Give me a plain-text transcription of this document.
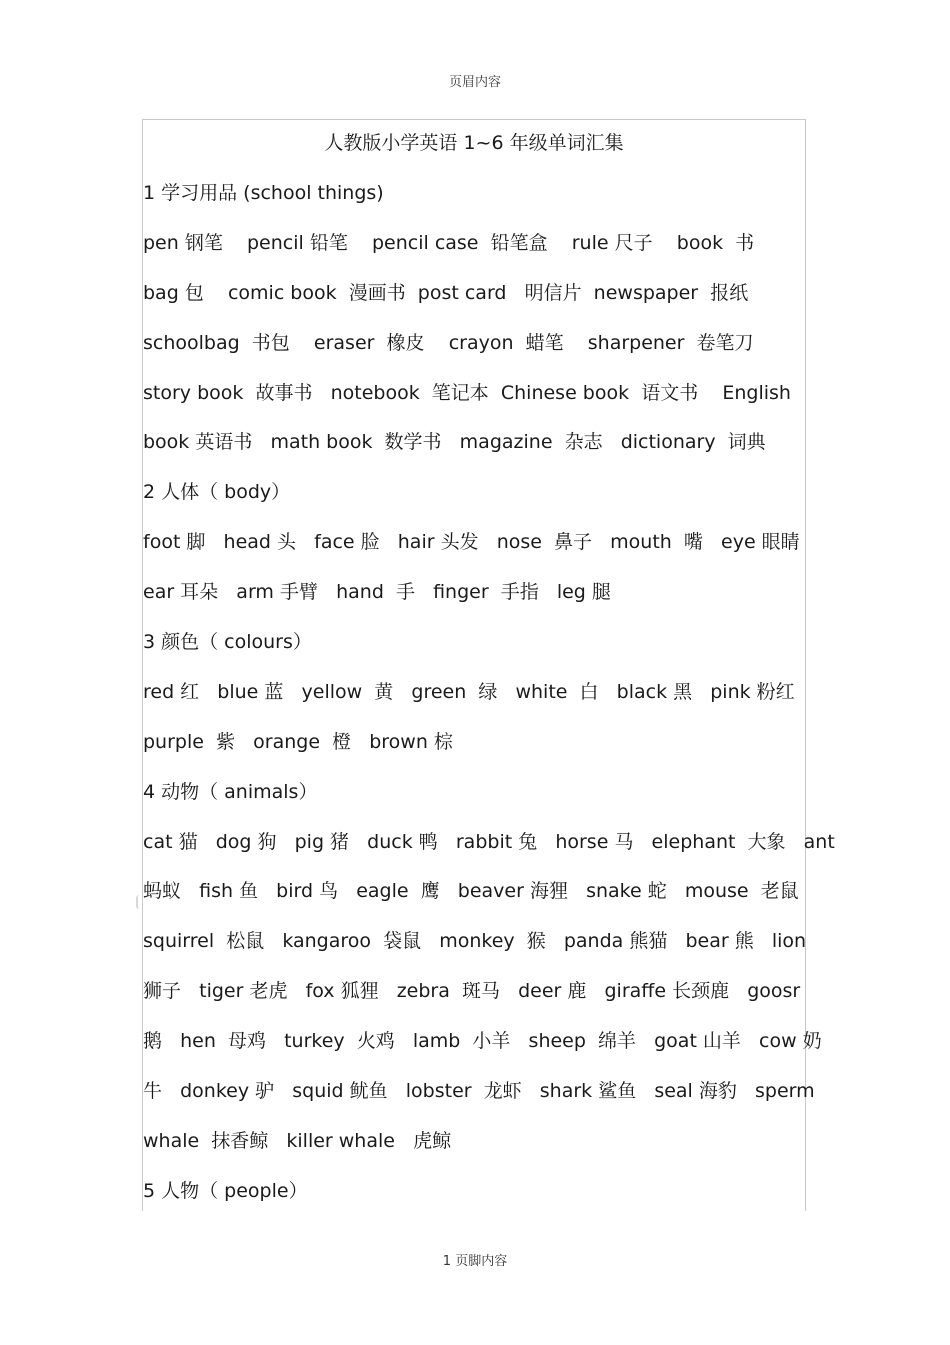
页眉内容
人教版小学英语 1~6 年级单词汇集
1 学习用品 (school things)
pen 钢笔    pencil 铅笔    pencil case  铅笔盒    rule 尺子    book  书
bag 包    comic book  漫画书  post card   明信片  newspaper  报纸
schoolbag  书包    eraser  橡皮    crayon  蜡笔    sharpener  卷笔刀
story book  故事书   notebook  笔记本  Chinese book  语文书    English
book 英语书   math book  数学书   magazine  杂志   dictionary  词典
2 人体（ body）
foot 脚   head 头   face 脸   hair 头发   nose  鼻子   mouth  嘴   eye 眼睛
ear 耳朵   arm 手臂   hand  手   finger  手指   leg 腿
3 颜色（ colours）
red 红   blue 蓝   yellow  黄   green  绿   white  白   black 黑   pink 粉红
purple  紫   orange  橙   brown 棕
4 动物（ animals）
cat 猫   dog 狗   pig 猪   duck 鸭   rabbit 兔   horse 马   elephant  大象   ant
蚂蚁   fish 鱼   bird 鸟   eagle  鹰   beaver 海狸   snake 蛇   mouse  老鼠
squirrel  松鼠   kangaroo  袋鼠   monkey  猴   panda 熊猫   bear 熊   lion
狮子   tiger 老虎   fox 狐狸   zebra  斑马   deer 鹿   giraffe 长颈鹿   goosr
鹅   hen  母鸡   turkey  火鸡   lamb  小羊   sheep  绵羊   goat 山羊   cow 奶
牛   donkey 驴   squid 鱿鱼   lobster  龙虾   shark 鲨鱼   seal 海豹   sperm
whale  抹香鲸   killer whale   虎鲸
5 人物（ people）
1 页脚内容
